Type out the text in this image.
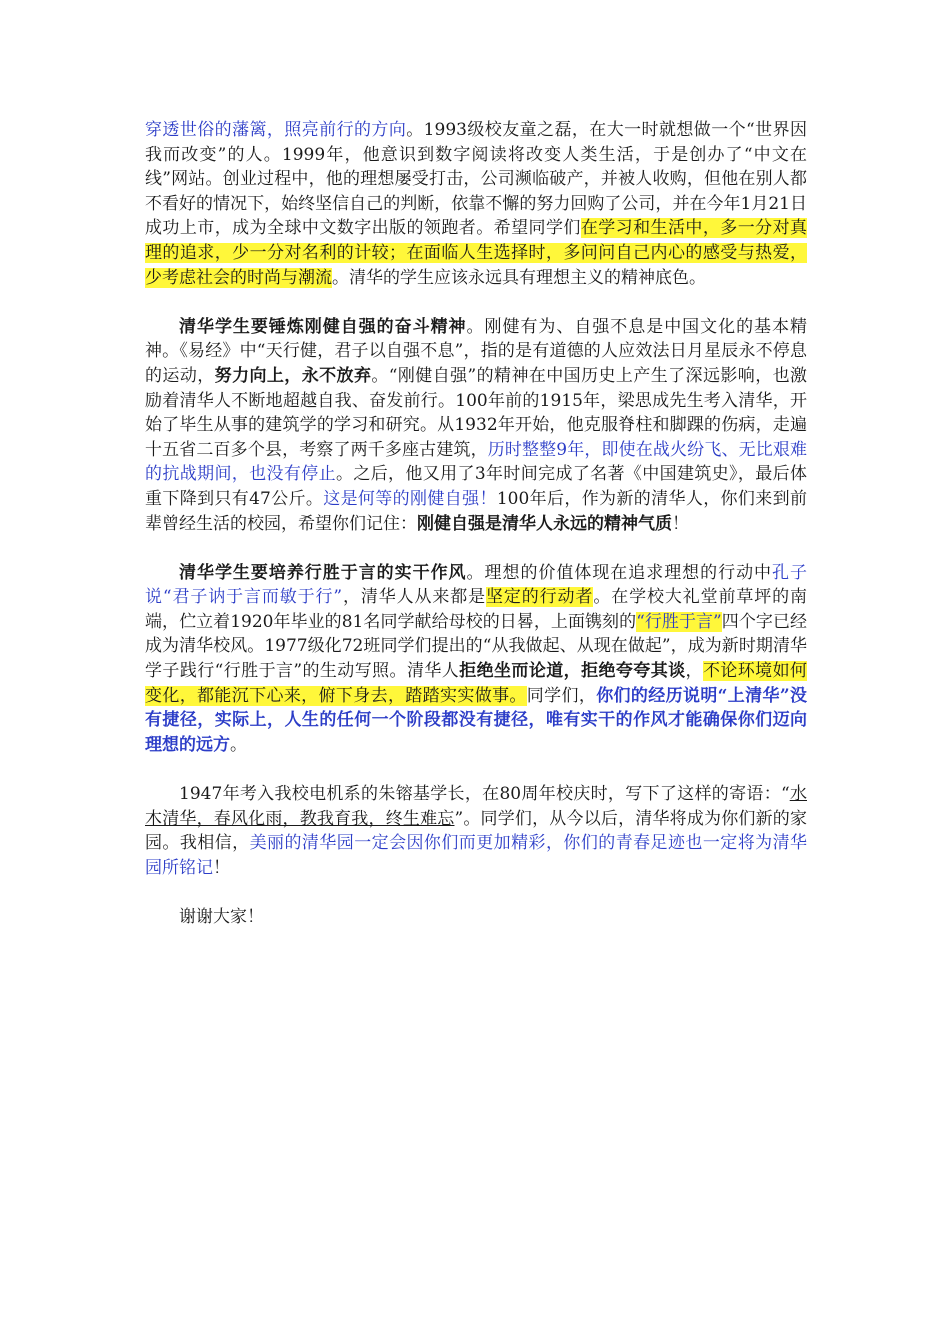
穿透世俗的藩篱，照亮前行的方向。1993级校友童之磊，在大一时就想做一个“世界因我而改变”的人。1999年，他意识到数字阅读将改变人类生活，于是创办了“中文在线”网站。创业过程中，他的理想屡受打击，公司濒临破产，并被人收购，但他在别人都不看好的情况下，始终坚信自己的判断，依靠不懈的努力回购了公司，并在今年1月21日成功上市，成为全球中文数字出版的领跑者。希望同学们在学习和生活中，多一分对真理的追求，少一分对名利的计较；在面临人生选择时，多问问自己内心的感受与热爱，少考虑社会的时尚与潮流。清华的学生应该永远具有理想主义的精神底色。

清华学生要锤炼刚健自强的奋斗精神。刚健有为、自强不息是中国文化的基本精神。《易经》中“天行健，君子以自强不息”，指的是有道德的人应效法日月星辰永不停息的运动，努力向上，永不放弃。“刚健自强”的精神在中国历史上产生了深远影响，也激励着清华人不断地超越自我、奋发前行。100年前的1915年，梁思成先生考入清华，开始了毕生从事的建筑学的学习和研究。从1932年开始，他克服脊柱和脚踝的伤病，走遍十五省二百多个县，考察了两千多座古建筑，历时整整9年，即使在战火纷飞、无比艰难的抗战期间，也没有停止。之后，他又用了3年时间完成了名著《中国建筑史》，最后体重下降到只有47公斤。这是何等的刚健自强！100年后，作为新的清华人，你们来到前辈曾经生活的校园，希望你们记住：刚健自强是清华人永远的精神气质！

清华学生要培养行胜于言的实干作风。理想的价值体现在追求理想的行动中孔子说“君子讷于言而敏于行”，清华人从来都是坚定的行动者。在学校大礼堂前草坪的南端，伫立着1920年毕业的81名同学献给母校的日晷，上面镌刻的“行胜于言”四个字已经成为清华校风。1977级化72班同学们提出的“从我做起、从现在做起”，成为新时期清华学子践行“行胜于言”的生动写照。清华人拒绝坐而论道，拒绝夸夸其谈，不论环境如何变化，都能沉下心来，俯下身去，踏踏实实做事。同学们，你们的经历说明“上清华”没有捷径，实际上，人生的任何一个阶段都没有捷径，唯有实干的作风才能确保你们迈向理想的远方。

1947年考入我校电机系的朱镕基学长，在80周年校庆时，写下了这样的寄语：“水木清华，春风化雨，教我育我，终生难忘”。同学们，从今以后，清华将成为你们新的家园。我相信，美丽的清华园一定会因你们而更加精彩，你们的青春足迹也一定将为清华园所铭记！

谢谢大家！
